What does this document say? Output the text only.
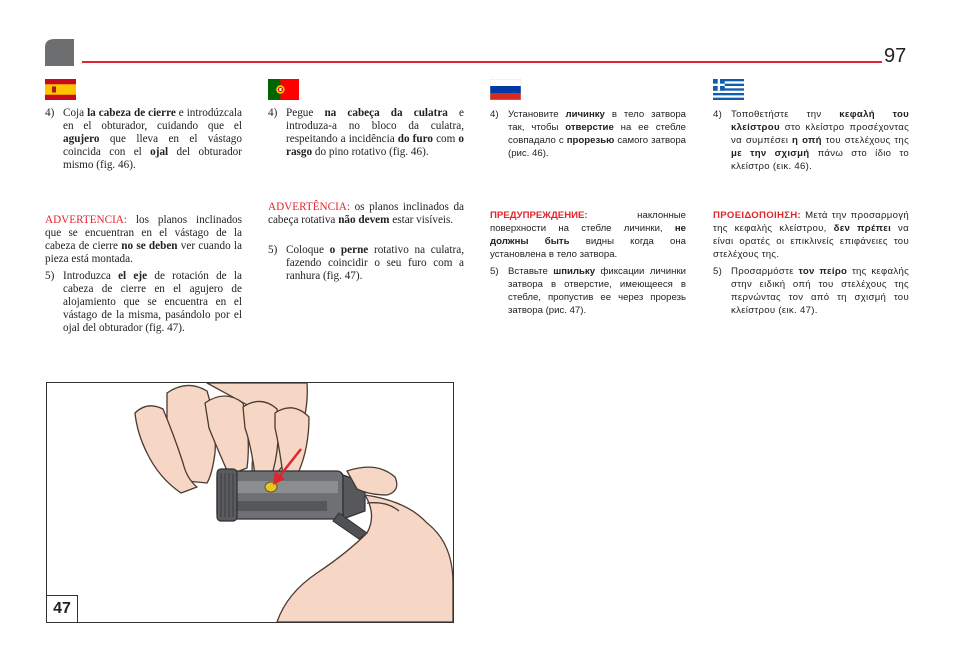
97
4) Coja la cabeza de cierre e introdúzcala en el obturador, cuidando que el agujero que lleva en el vástago coincida con el ojal del obturador mismo (fig. 46).

ADVERTENCIA: los planos inclinados que se encuentran en el vástago de la cabeza de cierre no se deben ver cuando la pieza está montada.

5) Introduzca el eje de rotación de la cabeza de cierre en el agujero de alojamiento que se encuentra en el vástago de la misma, pasándolo por el ojal del obturador (fig. 47).
4) Pegue na cabeça da culatra e introduza-a no bloco da culatra, respeitando a incidência do furo com o rasgo do pino rotativo (fig. 46).

ADVERTÊNCIA: os planos inclinados da cabeça rotativa não devem estar visíveis.

5) Coloque o perne rotativo na culatra, fazendo coincidir o seu furo com a ranhura (fig. 47).
4) Установите личинку в тело затвора так, чтобы отверстие на ее стебле совпадало с прорезью самого затвора (рис. 46).

ПРЕДУПРЕЖДЕНИЕ: наклонные поверхности на стебле личинки, не должны быть видны когда она установлена в тело затвора.

5) Вставьте шпильку фиксации личинки затвора в отверстие, имеющееся в стебле, пропустив ее через прорезь затвора (рис. 47).
4) Τοποθετήστε την κεφαλή του κλείστρου στο κλείστρο προσέχοντας να συμπέσει η οπή του στελέχους της με την σχισμή πάνω στο ίδιο το κλείστρο (εικ. 46).

ΠΡΟΕΙΔΟΠΟΙΗΣΗ: Μετά την προσαρμογή της κεφαλής κλείστρου, δεν πρέπει να είναι ορατές οι επικλινείς επιφάνειες του στελέχους της.

5) Προσαρμόστε τον πείρο της κεφαλής στην ειδική οπή του στελέχους της περνώντας τον από τη σχισμή του κλείστρου (εικ. 47).
47
